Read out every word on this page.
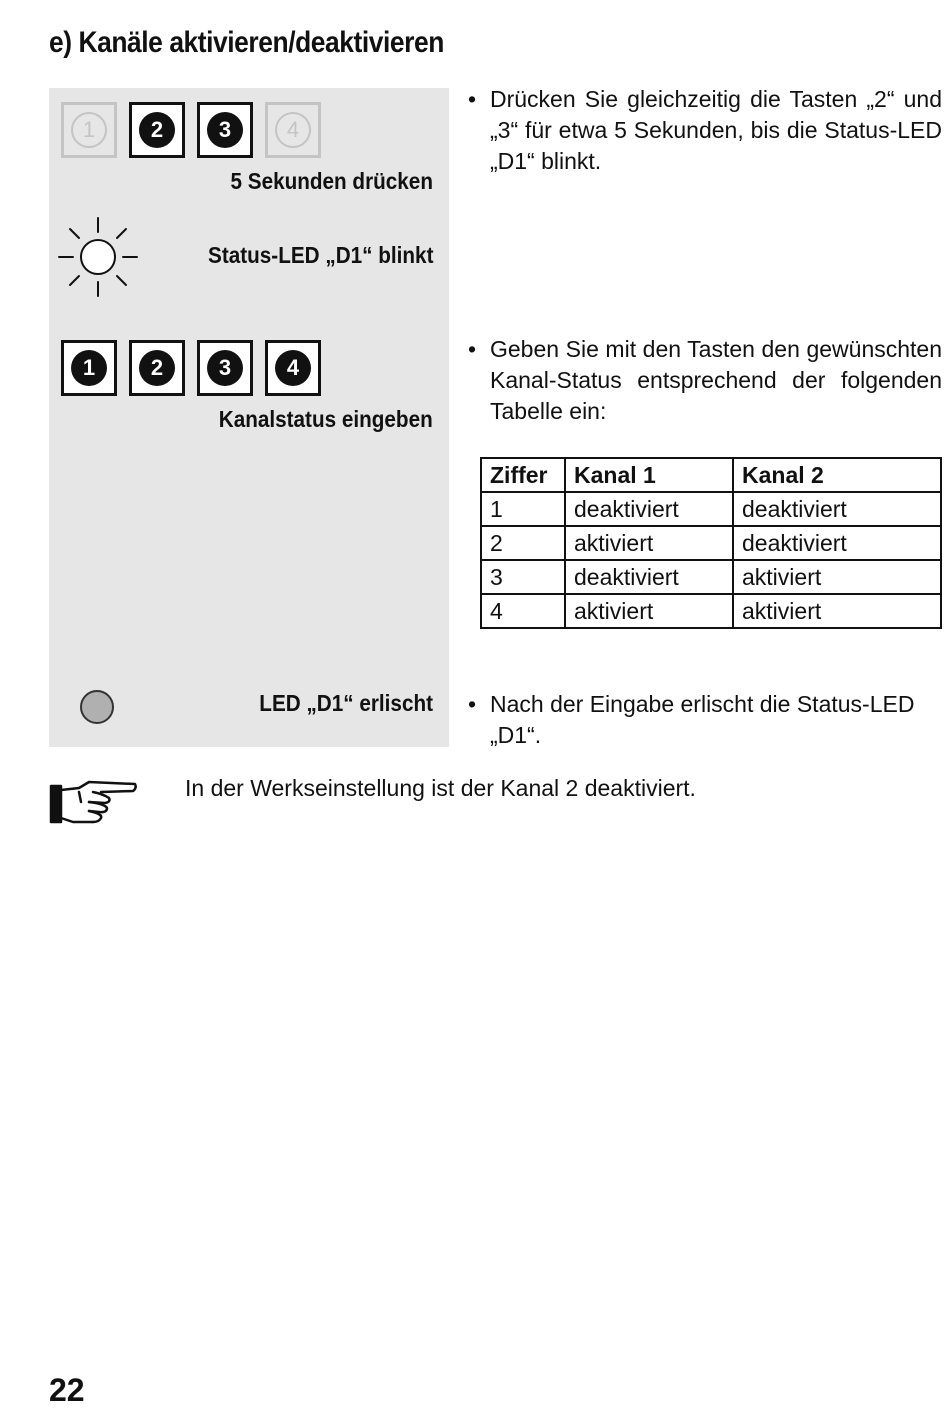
e) Kanäle aktivieren/deaktivieren
1	2	3	4
5 Sekunden drücken
Status-LED „D1“ blinkt
1	2	3	4
Kanalstatus eingeben
LED „D1“ erlischt
• Drücken Sie gleichzeitig die Tasten „2“ und „3“ für etwa 5 Sekunden, bis die Status-LED „D1“ blinkt.
• Geben Sie mit den Tasten den gewünschten Kanal-Status entsprechend der folgenden Tabelle ein:
Ziffer	Kanal 1	Kanal 2
1	deaktiviert	deaktiviert
2	aktiviert	deaktiviert
3	deaktiviert	aktiviert
4	aktiviert	aktiviert
• Nach der Eingabe erlischt die Status-LED „D1“.
In der Werkseinstellung ist der Kanal 2 deaktiviert.
22
